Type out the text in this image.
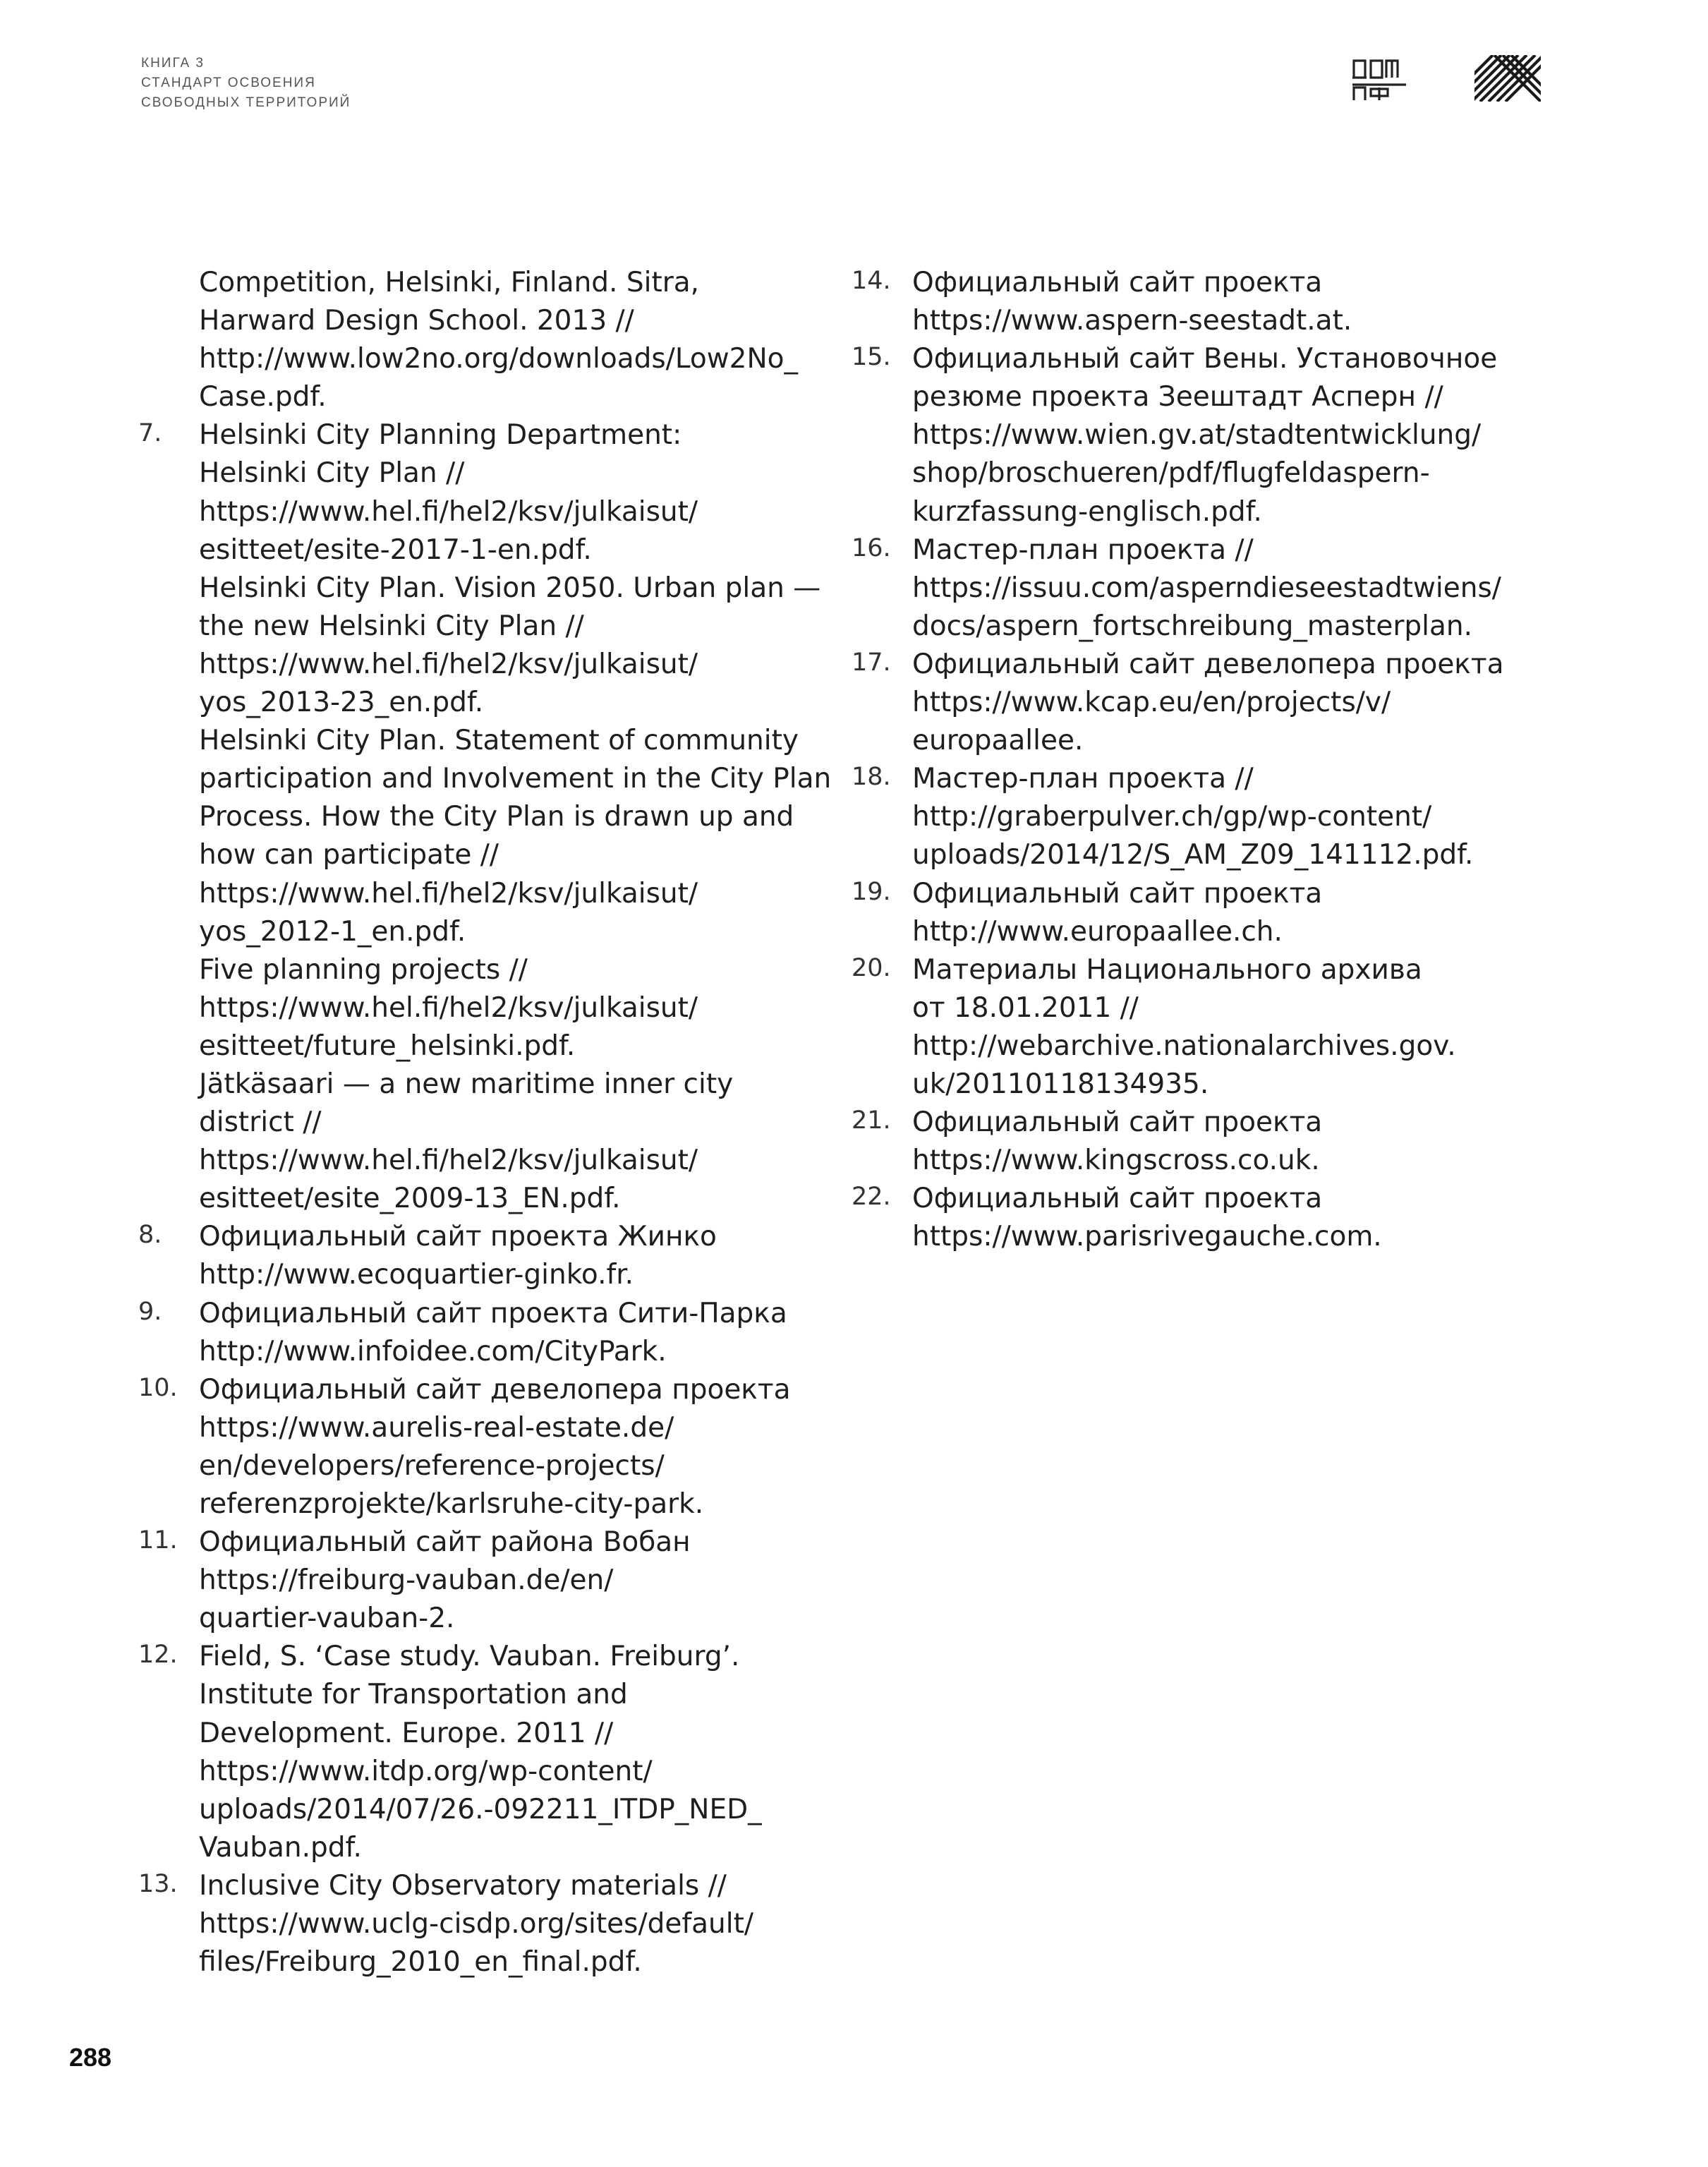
КНИГА 3
СТАНДАРТ ОСВОЕНИЯ
СВОБОДНЫХ ТЕРРИТОРИЙ
Competition, Helsinki, Finland. Sitra,
Harward Design School. 2013 //
http://www.low2no.org/downloads/Low2No_
Case.pdf.
7. Helsinki City Planning Department:
Helsinki City Plan //
https://www.hel.fi/hel2/ksv/julkaisut/
esitteet/esite-2017-1-en.pdf.
Helsinki City Plan. Vision 2050. Urban plan —
the new Helsinki City Plan //
https://www.hel.fi/hel2/ksv/julkaisut/
yos_2013-23_en.pdf.
Helsinki City Plan. Statement of community
participation and Involvement in the City Plan
Process. How the City Plan is drawn up and
how can participate //
https://www.hel.fi/hel2/ksv/julkaisut/
yos_2012-1_en.pdf.
Five planning projects //
https://www.hel.fi/hel2/ksv/julkaisut/
esitteet/future_helsinki.pdf.
Jätkäsaari — a new maritime inner city
district //
https://www.hel.fi/hel2/ksv/julkaisut/
esitteet/esite_2009-13_EN.pdf.
8. Официальный сайт проекта Жинко
http://www.ecoquartier-ginko.fr.
9. Официальный сайт проекта Сити-Парка
http://www.infoidee.com/CityPark.
10. Официальный сайт девелопера проекта
https://www.aurelis-real-estate.de/
en/developers/reference-projects/
referenzprojekte/karlsruhe-city-park.
11. Официальный сайт района Вобан
https://freiburg-vauban.de/en/
quartier-vauban-2.
12. Field, S. ‘Case study. Vauban. Freiburg’.
Institute for Transportation and
Development. Europe. 2011 //
https://www.itdp.org/wp-content/
uploads/2014/07/26.-092211_ITDP_NED_
Vauban.pdf.
13. Inclusive City Observatory materials //
https://www.uclg-cisdp.org/sites/default/
files/Freiburg_2010_en_final.pdf.
14. Официальный сайт проекта
https://www.aspern-seestadt.at.
15. Официальный сайт Вены. Установочное
резюме проекта Зеештадт Асперн //
https://www.wien.gv.at/stadtentwicklung/
shop/broschueren/pdf/flugfeldaspern-
kurzfassung-englisch.pdf.
16. Мастер-план проекта //
https://issuu.com/asperndieseestadtwiens/
docs/aspern_fortschreibung_masterplan.
17. Официальный сайт девелопера проекта
https://www.kcap.eu/en/projects/v/
europaallee.
18. Мастер-план проекта //
http://graberpulver.ch/gp/wp-content/
uploads/2014/12/S_AM_Z09_141112.pdf.
19. Официальный сайт проекта
http://www.europaallee.ch.
20. Материалы Национального архива
от 18.01.2011 //
http://webarchive.nationalarchives.gov.
uk/20110118134935.
21. Официальный сайт проекта
https://www.kingscross.co.uk.
22. Официальный сайт проекта
https://www.parisrivegauche.com.
288
